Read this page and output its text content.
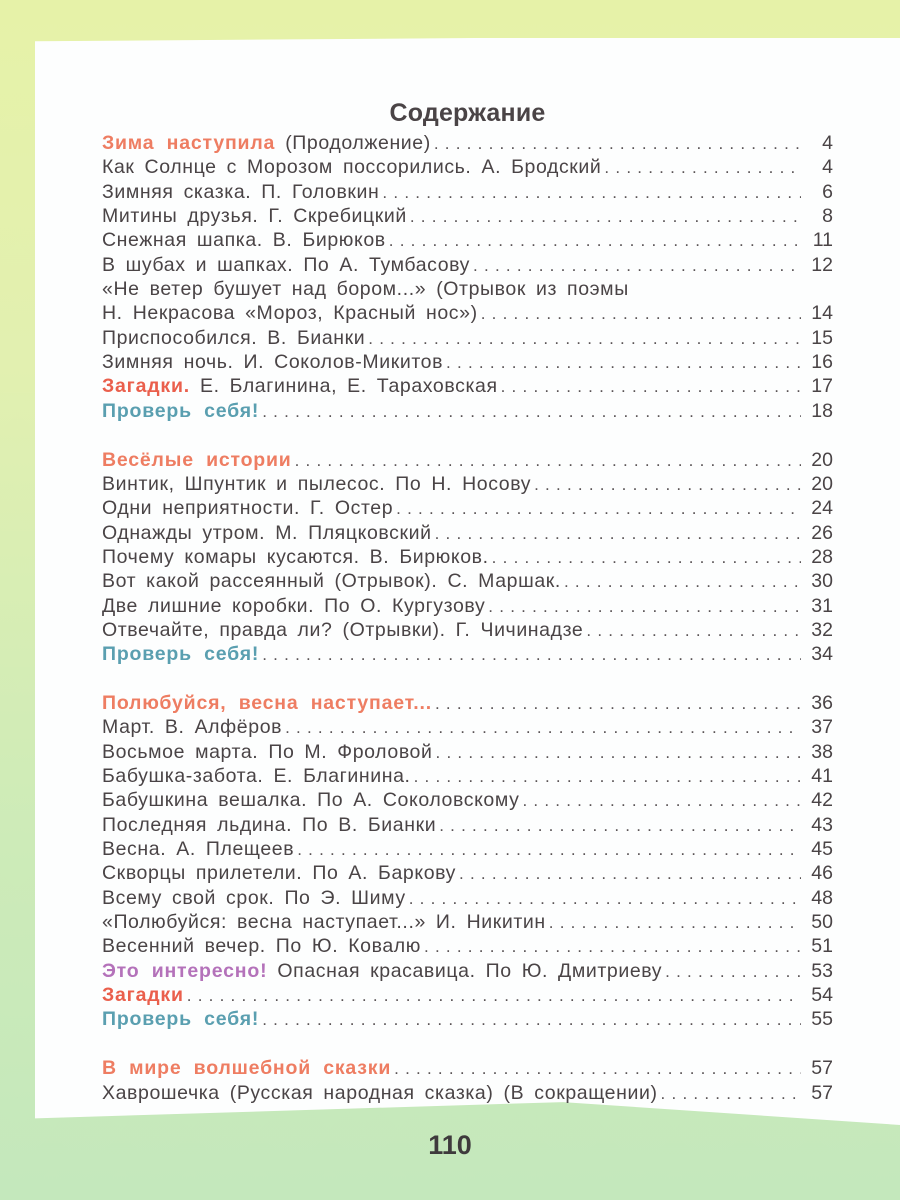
Содержание
Зима наступила (Продолжение) . . .	4
Как Солнце с Морозом поссорились. А. Бродский . . .	4
Зимняя сказка. П. Головкин . . .	6
Митины друзья. Г. Скребицкий . . .	8
Снежная шапка. В. Бирюков . . .	11
В шубах и шапках. По А. Тумбасову . . .	12
«Не ветер бушует над бором...» (Отрывок из поэмы
Н. Некрасова «Мороз, Красный нос») . . .	14
Приспособился. В. Бианки . . .	15
Зимняя ночь. И. Соколов-Микитов . . .	16
Загадки. Е. Благинина, Е. Тараховская . . .	17
Проверь себя! . . .	18
Весёлые истории . . .	20
Винтик, Шпунтик и пылесос. По Н. Носову . . .	20
Одни неприятности. Г. Остер . . .	24
Однажды утром. М. Пляцковский . . .	26
Почему комары кусаются. В. Бирюков. . . .	28
Вот какой рассеянный (Отрывок). С. Маршак. . . .	30
Две лишние коробки. По О. Кургузову . . .	31
Отвечайте, правда ли? (Отрывки). Г. Чичинадзе . . .	32
Проверь себя! . . .	34
Полюбуйся, весна наступает... . . .	36
Март. В. Алфёров . . .	37
Восьмое марта. По М. Фроловой . . .	38
Бабушка-забота. Е. Благинина. . . .	41
Бабушкина вешалка. По А. Соколовскому . . .	42
Последняя льдина. По В. Бианки . . .	43
Весна. А. Плещеев . . .	45
Скворцы прилетели. По А. Баркову . . .	46
Всему свой срок. По Э. Шиму . . .	48
«Полюбуйся: весна наступает...» И. Никитин . . .	50
Весенний вечер. По Ю. Ковалю . . .	51
Это интересно! Опасная красавица. По Ю. Дмитриеву . . .	53
Загадки . . .	54
Проверь себя! . . .	55
В мире волшебной сказки . . .	57
Хаврошечка (Русская народная сказка) (В сокращении) . . .	57
110
